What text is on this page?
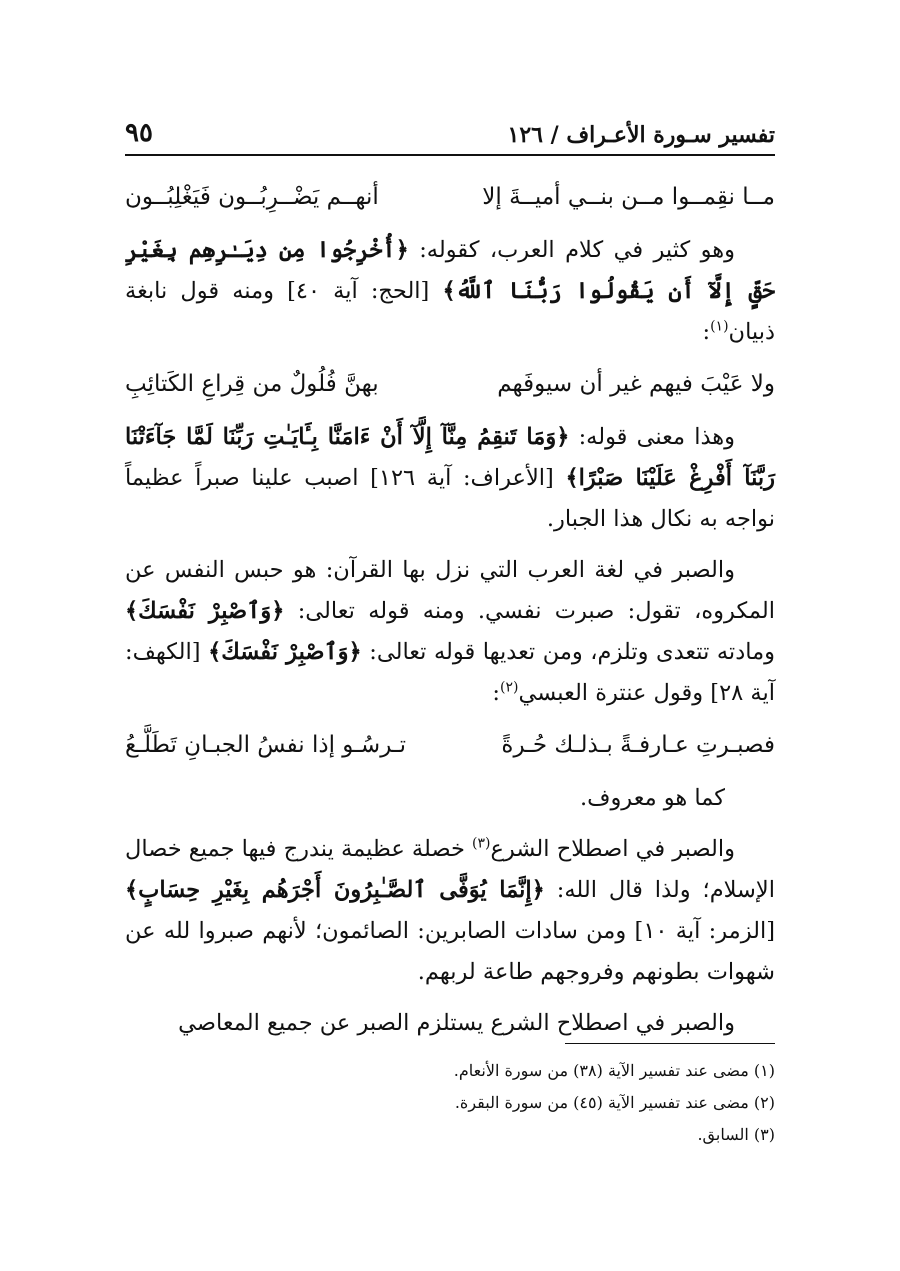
تفسير سـورة الأعـراف / ١٢٦
٩٥
مــا نقِمــوا مــن بنــي أميــةَ إلا
أنهــم يَضْــرِبُــون فَيَغْلِبُــون

وهو كثير في كلام العرب، كقوله: ﴿أُخْرِجُوا مِن دِيَـٰرِهِم بِغَيْرِ حَقٍّ إِلَّآ أَن يَقُولُوا رَبُّنَا ٱللَّهُ﴾ [الحج: آية ٤٠] ومنه قول نابغة ذبيان$^{(١)}$:

ولا عَيْبَ فيهم غير أن سيوفَهم
بهنَّ فُلُولٌ من قِراعِ الكَتائِبِ

وهذا معنى قوله: ﴿وَمَا تَنقِمُ مِنَّآ إِلَّآ أَنْ ءَامَنَّا بِـَٔايَـٰتِ رَبِّنَا لَمَّا جَآءَتْنَا رَبَّنَآ أَفْرِغْ عَلَيْنَا صَبْرًا﴾ [الأعراف: آية ١٢٦] اصبب علينا صبراً عظيماً نواجه به نكال هذا الجبار.

والصبر في لغة العرب التي نزل بها القرآن: هو حبس النفس عن المكروه، تقول: صبرت نفسي. ومنه قوله تعالى: ﴿وَٱصْبِرْ نَفْسَكَ﴾ ومادته تتعدى وتلزم، ومن تعديها قوله تعالى: ﴿وَٱصْبِرْ نَفْسَكَ﴾ [الكهف: آية ٢٨] وقول عنترة العبسي$^{(٢)}$:

فصبـرتِ عـارفـةً بـذلـك حُـرةً
تـرسُـو إذا نفسُ الجبـانِ تَطَلَّـعُ
كما هو معروف.

والصبر في اصطلاح الشرع$^{(٣)}$ خصلة عظيمة يندرج فيها جميع خصال الإسلام؛ ولذا قال الله: ﴿إِنَّمَا يُوَفَّى ٱلصَّـٰبِرُونَ أَجْرَهُم بِغَيْرِ حِسَابٍ﴾ [الزمر: آية ١٠] ومن سادات الصابرين: الصائمون؛ لأنهم صبروا لله عن شهوات بطونهم وفروجهم طاعة لربهم.

والصبر في اصطلاح الشرع يستلزم الصبر عن جميع المعاصي

(١) مضى عند تفسير الآية (٣٨) من سورة الأنعام.
(٢) مضى عند تفسير الآية (٤٥) من سورة البقرة.
(٣) السابق.
